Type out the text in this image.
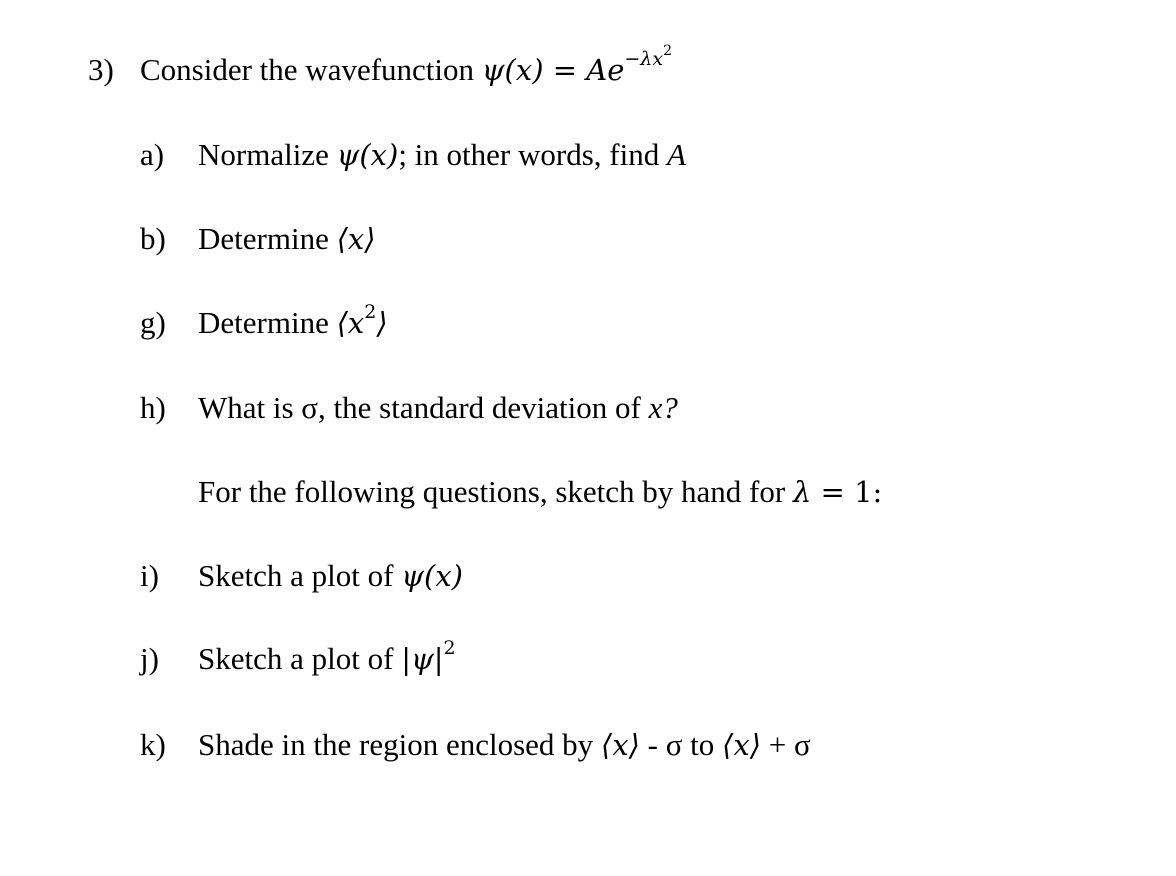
3) Consider the wavefunction $\psi(x) = Ae^{-\lambda x^2}$
a) Normalize ψ(x); in other words, find A
b) Determine ⟨x⟩
g) Determine $⟨x^2⟩$
h) What is σ, the standard deviation of x?
For the following questions, sketch by hand for λ = 1:
i) Sketch a plot of ψ(x)
j) Sketch a plot of $|\psi|^2$
k) Shade in the region enclosed by ⟨x⟩ - σ to ⟨x⟩ + σ
